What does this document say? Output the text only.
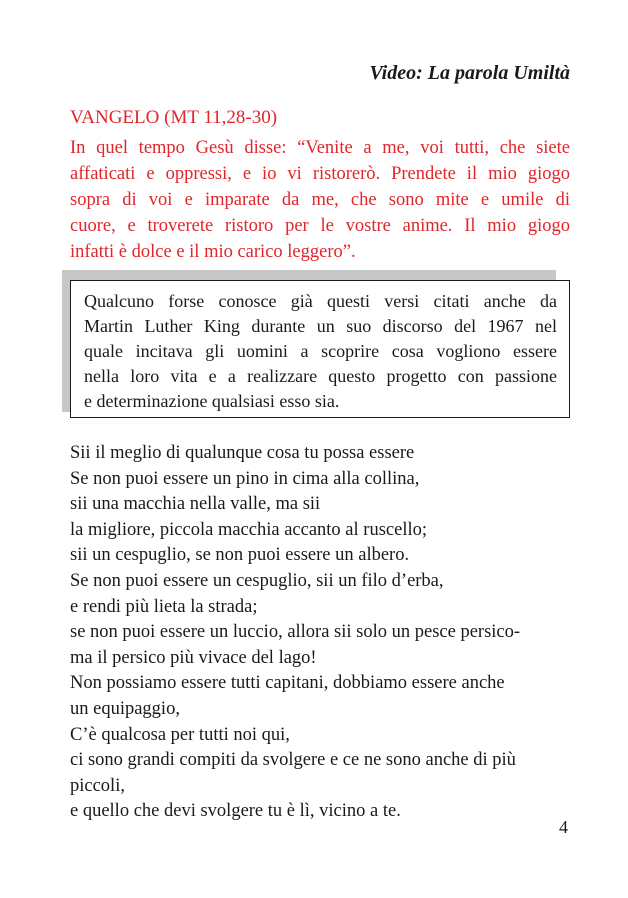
Video: La parola Umiltà
VANGELO (MT 11,28-30)
In quel tempo Gesù disse: “Venite a me, voi tutti, che siete
affaticati e oppressi, e io vi ristorerò. Prendete il mio giogo
sopra di voi e imparate da me, che sono mite e umile di
cuore, e troverete ristoro per le vostre anime. Il mio giogo
infatti è dolce e il mio carico leggero”.
Qualcuno forse conosce già questi versi citati anche da
Martin Luther King durante un suo discorso del 1967 nel
quale incitava gli uomini a scoprire cosa vogliono essere
nella loro vita e a realizzare questo progetto con passione
e determinazione qualsiasi esso sia.
Sii il meglio di qualunque cosa tu possa essere
Se non puoi essere un pino in cima alla collina,
sii una macchia nella valle, ma sii
la migliore, piccola macchia accanto al ruscello;
sii un cespuglio, se non puoi essere un albero.
Se non puoi essere un cespuglio, sii un filo d’erba,
e rendi più lieta la strada;
se non puoi essere un luccio, allora sii solo un pesce persico-
ma il persico più vivace del lago!
Non possiamo essere tutti capitani, dobbiamo essere anche
un equipaggio,
C’è qualcosa per tutti noi qui,
ci sono grandi compiti da svolgere e ce ne sono anche di più
piccoli,
e quello che devi svolgere tu è lì, vicino a te.
4
